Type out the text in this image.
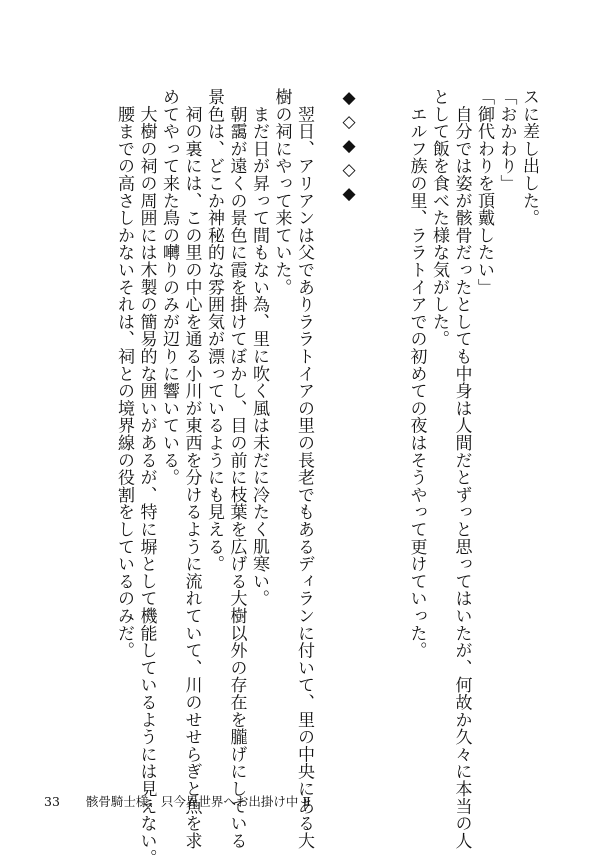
スに差し出した。
「おかわり」
「御代わりを頂戴したい」
　自分では姿が骸骨だったとしても中身は人間だとずっと思ってはいたが、何故か久々に本当の人
として飯を食べた様な気がした。
　エルフ族の里、ララトイアでの初めての夜はそうやって更けていった。
◆◇◆◇◆
　翌日、アリアンは父でありララトイアの里の長老でもあるディランに付いて、里の中央にある大
樹の祠にやって来ていた。
　まだ日が昇って間もない為、里に吹く風は未だに冷たく肌寒い。
　朝靄が遠くの景色に霞を掛けてぼかし、目の前に枝葉を広げる大樹以外の存在を朧げにしている
景色は、どこか神秘的な雰囲気が漂っているようにも見える。
　祠の裏には、この里の中心を通る小川が東西を分けるように流れていて、川のせせらぎと魚を求
めてやって来た鳥の囀りのみが辺りに響いている。
　大樹の祠の周囲には木製の簡易的な囲いがあるが、特に塀として機能しているようには見えない。
　腰までの高さしかないそれは、祠との境界線の役割をしているのみだ。
33 骸骨騎士様、只今異世界へお出掛け中 Ⅱ
